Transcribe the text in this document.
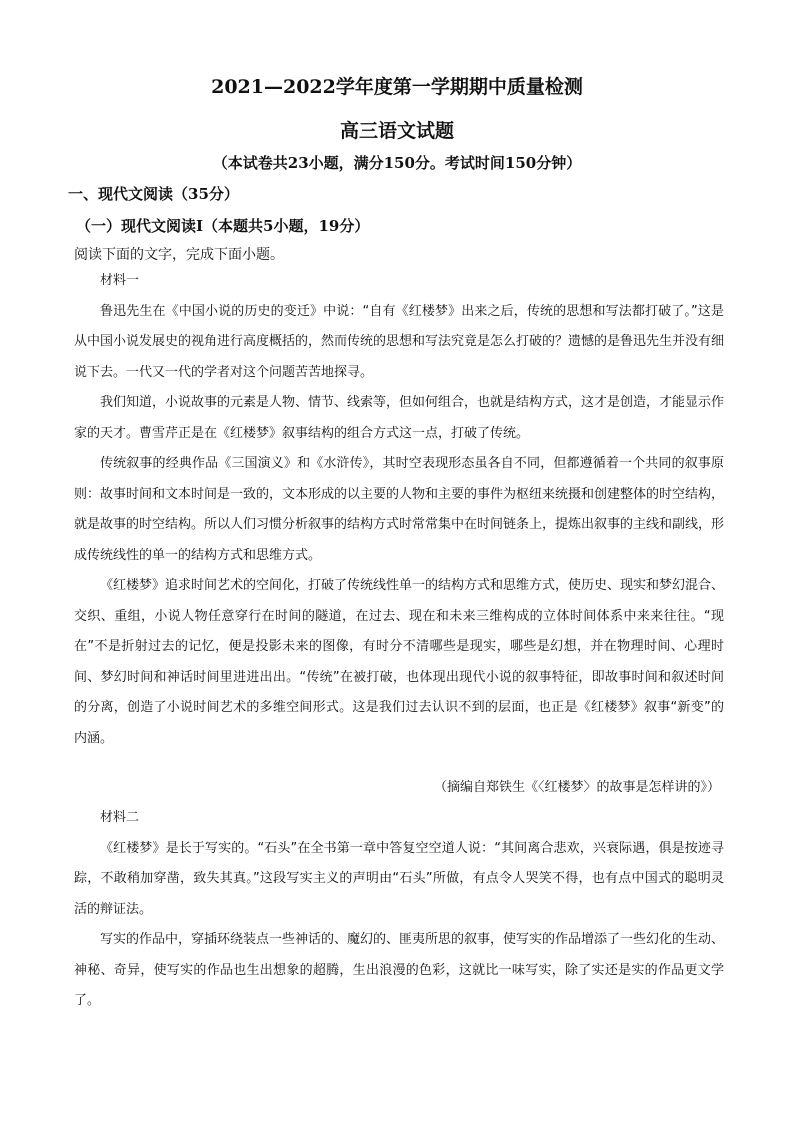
2021—2022学年度第一学期期中质量检测
高三语文试题
（本试卷共23小题，满分150分。考试时间150分钟）
一、现代文阅读（35分）
（一）现代文阅读Ⅰ（本题共5小题，19分）
阅读下面的文字，完成下面小题。

材料一

鲁迅先生在《中国小说的历史的变迁》中说：“自有《红楼梦》出来之后，传统的思想和写法都打破了。”这是从中国小说发展史的视角进行高度概括的，然而传统的思想和写法究竟是怎么打破的？遗憾的是鲁迅先生并没有细说下去。一代又一代的学者对这个问题苦苦地探寻。

我们知道，小说故事的元素是人物、情节、线索等，但如何组合，也就是结构方式，这才是创造，才能显示作家的天才。曹雪芹正是在《红楼梦》叙事结构的组合方式这一点，打破了传统。

传统叙事的经典作品《三国演义》和《水浒传》，其时空表现形态虽各自不同，但都遵循着一个共同的叙事原则：故事时间和文本时间是一致的，文本形成的以主要的人物和主要的事件为枢纽来统摄和创建整体的时空结构，就是故事的时空结构。所以人们习惯分析叙事的结构方式时常常集中在时间链条上，提炼出叙事的主线和副线，形成传统线性的单一的结构方式和思维方式。

《红楼梦》追求时间艺术的空间化，打破了传统线性单一的结构方式和思维方式，使历史、现实和梦幻混合、交织、重组，小说人物任意穿行在时间的隧道，在过去、现在和未来三维构成的立体时间体系中来来往往。“现在”不是折射过去的记忆，便是投影未来的图像，有时分不清哪些是现实，哪些是幻想，并在物理时间、心理时间、梦幻时间和神话时间里进进出出。“传统”在被打破，也体现出现代小说的叙事特征，即故事时间和叙述时间的分离，创造了小说时间艺术的多维空间形式。这是我们过去认识不到的层面，也正是《红楼梦》叙事“新变”的内涵。

（摘编自郑铁生《〈红楼梦〉的故事是怎样讲的》）

材料二

《红楼梦》是长于写实的。“石头”在全书第一章中答复空空道人说：“其间离合悲欢，兴衰际遇，俱是按迹寻踪，不敢稍加穿凿，致失其真。”这段写实主义的声明由“石头”所做，有点令人哭笑不得，也有点中国式的聪明灵活的辩证法。

写实的作品中，穿插环绕装点一些神话的、魔幻的、匪夷所思的叙事，使写实的作品增添了一些幻化的生动、神秘、奇异，使写实的作品也生出想象的超腾，生出浪漫的色彩，这就比一味写实，除了实还是实的作品更文学了。
